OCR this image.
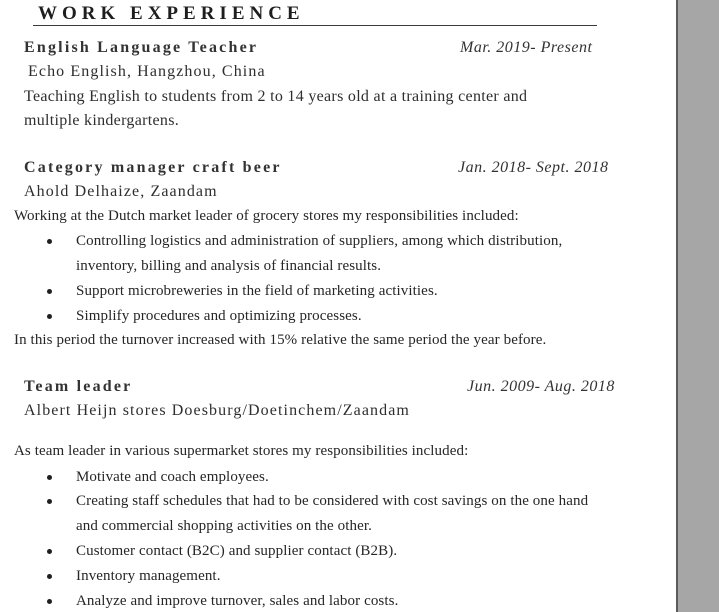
WORK EXPERIENCE
English Language Teacher	Mar. 2019- Present
Echo English, Hangzhou, China
Teaching English to students from 2 to 14 years old at a training center and
multiple kindergartens.
Category manager craft beer	Jan. 2018- Sept. 2018
Ahold Delhaize, Zaandam
Working at the Dutch market leader of grocery stores my responsibilities included:
Controlling logistics and administration of suppliers, among which distribution,
inventory, billing and analysis of financial results.
Support microbreweries in the field of marketing activities.
Simplify procedures and optimizing processes.
In this period the turnover increased with 15% relative the same period the year before.
Team leader	Jun. 2009- Aug. 2018
Albert Heijn stores Doesburg/Doetinchem/Zaandam
As team leader in various supermarket stores my responsibilities included:
Motivate and coach employees.
Creating staff schedules that had to be considered with cost savings on the one hand
and commercial shopping activities on the other.
Customer contact (B2C) and supplier contact (B2B).
Inventory management.
Analyze and improve turnover, sales and labor costs.
